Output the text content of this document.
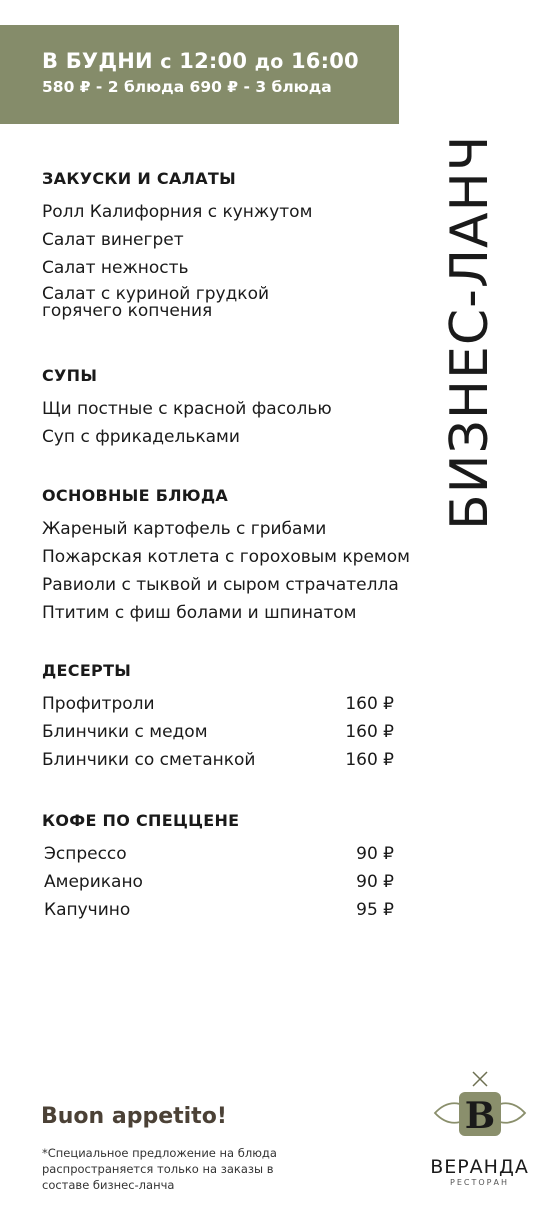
В БУДНИ с 12:00 до 16:00
580 ₽ - 2 блюда 690 ₽ - 3 блюда
БИЗНЕС-ЛАНЧ
ЗАКУСКИ И САЛАТЫ
Ролл Калифорния с кунжутом
Салат винегрет
Салат нежность
Салат с куриной грудкой горячего копчения
СУПЫ
Щи постные с красной фасолью
Суп с фрикадельками
ОСНОВНЫЕ БЛЮДА
Жареный картофель с грибами
Пожарская котлета с гороховым кремом
Равиоли с тыквой и сыром страчателла
Птитим с фиш болами и шпинатом
ДЕСЕРТЫ
Профитроли	160 ₽
Блинчики с медом	160 ₽
Блинчики со сметанкой	160 ₽
КОФЕ ПО СПЕЦЦЕНЕ
Эспрессо	90 ₽
Американо	90 ₽
Капучино	95 ₽
Buon appetito!
*Специальное предложение на блюда распространяется только на заказы в составе бизнес-ланча
В
ВЕРАНДА
РЕСТОРАН
